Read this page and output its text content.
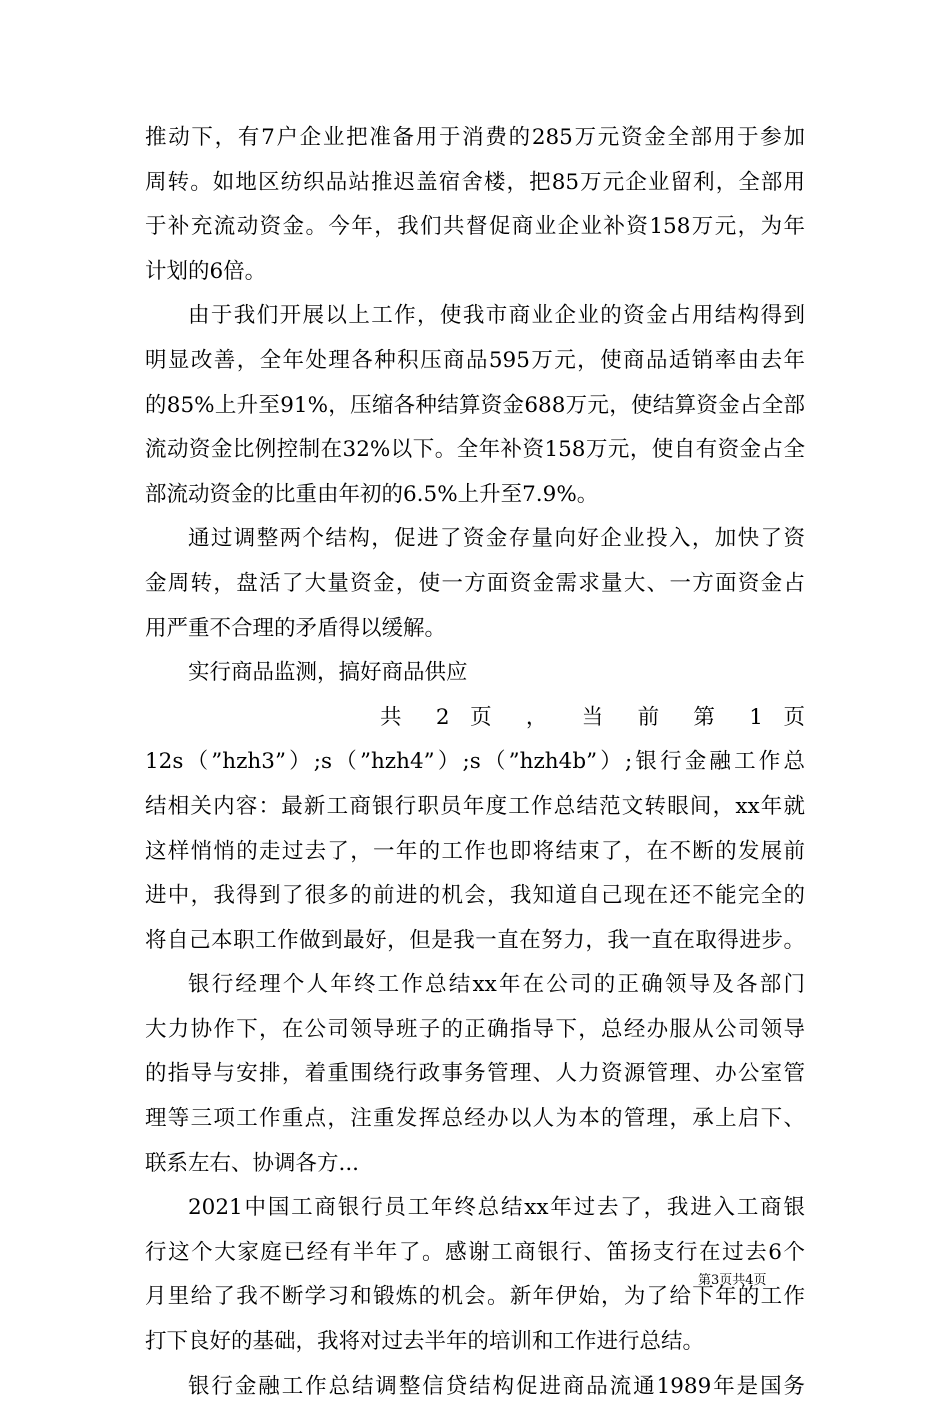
推动下，有7户企业把准备用于消费的285万元资金全部用于参加
周转。如地区纺织品站推迟盖宿舍楼，把85万元企业留利，全部用
于补充流动资金。今年，我们共督促商业企业补资158万元，为年
计划的6倍。
由于我们开展以上工作，使我市商业企业的资金占用结构得到
明显改善，全年处理各种积压商品595万元，使商品适销率由去年
的85%上升至91%，压缩各种结算资金688万元，使结算资金占全部
流动资金比例控制在32%以下。全年补资158万元，使自有资金占全
部流动资金的比重由年初的6.5%上升至7.9%。
通过调整两个结构，促进了资金存量向好企业投入，加快了资
金周转，盘活了大量资金，使一方面资金需求量大、一方面资金占
用严重不合理的矛盾得以缓解。
实行商品监测，搞好商品供应
共 2 页 ， 当 前 第 1 页
12s（”hzh3”）;s（”hzh4”）;s（”hzh4b”）;银行金融工作总
结相关内容：最新工商银行职员年度工作总结范文转眼间，xx年就
这样悄悄的走过去了，一年的工作也即将结束了，在不断的发展前
进中，我得到了很多的前进的机会，我知道自己现在还不能完全的
将自己本职工作做到最好，但是我一直在努力，我一直在取得进步。
银行经理个人年终工作总结xx年在公司的正确领导及各部门
大力协作下，在公司领导班子的正确指导下，总经办服从公司领导
的指导与安排，着重围绕行政事务管理、人力资源管理、办公室管
理等三项工作重点，注重发挥总经办以人为本的管理，承上启下、
联系左右、协调各方...
2021中国工商银行员工年终总结xx年过去了，我进入工商银
行这个大家庭已经有半年了。感谢工商银行、笛扬支行在过去6个
月里给了我不断学习和锻炼的机会。新年伊始，为了给下年的工作
打下良好的基础，我将对过去半年的培训和工作进行总结。
银行金融工作总结调整信贷结构促进商品流通1989年是国务
第3页共4页
